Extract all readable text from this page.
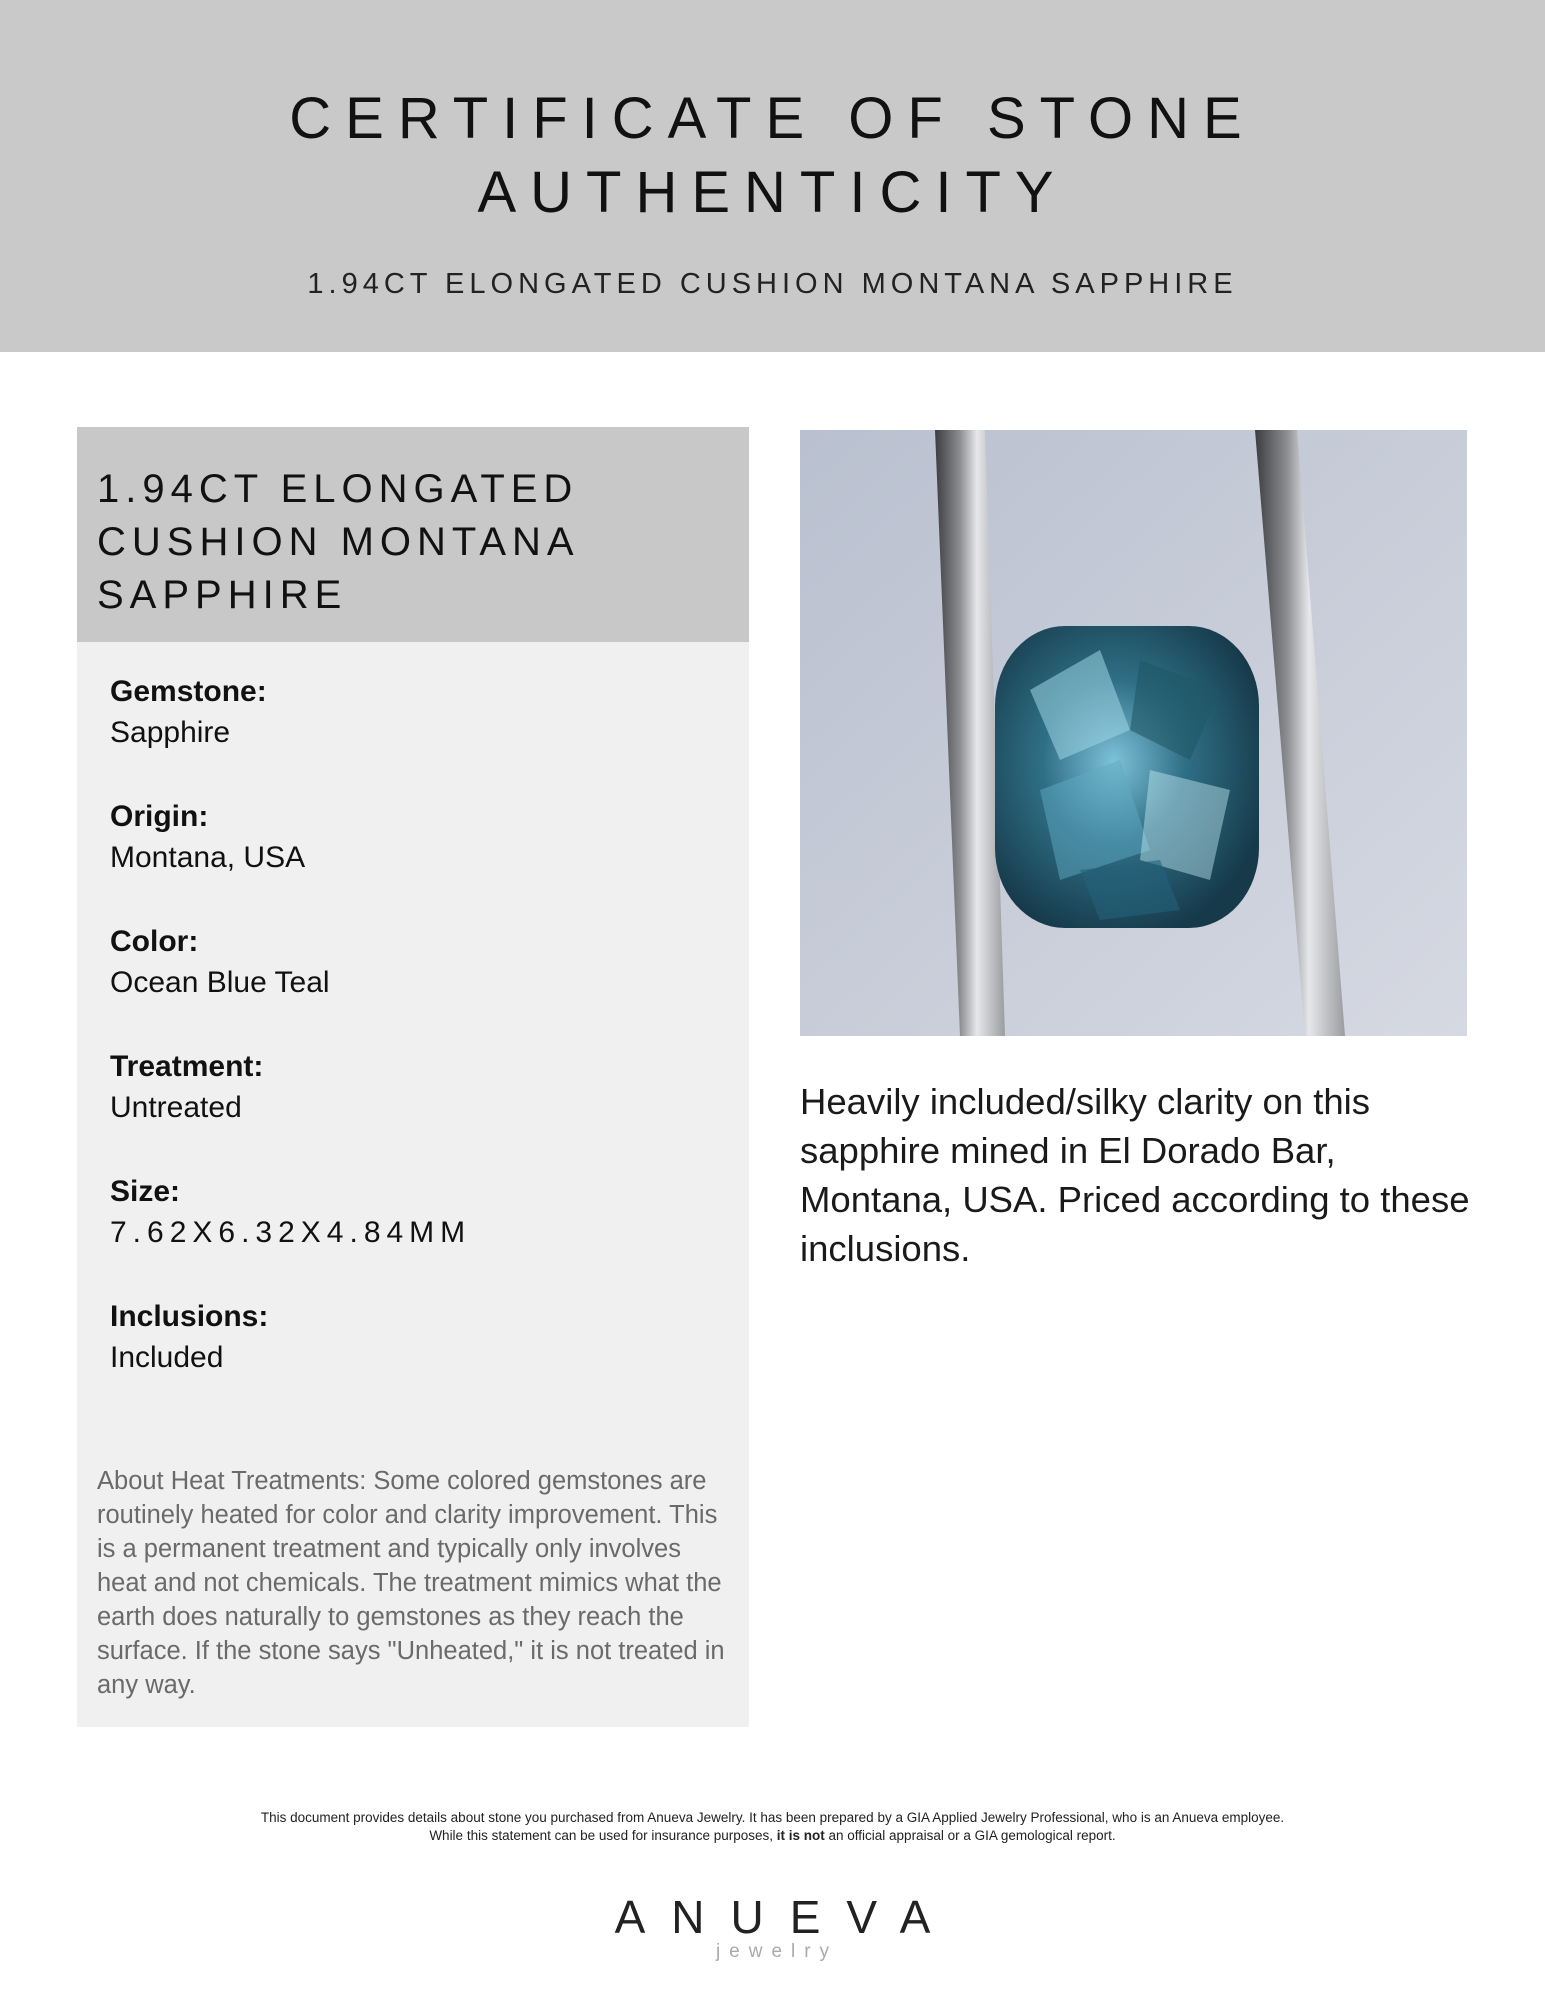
CERTIFICATE OF STONE
AUTHENTICITY
1.94CT ELONGATED CUSHION MONTANA SAPPHIRE
1.94CT ELONGATED
CUSHION MONTANA
SAPPHIRE
Gemstone:
Sapphire
Origin:
Montana, USA
Color:
Ocean Blue Teal
Treatment:
Untreated
Size:
7.62X6.32X4.84MM
Inclusions:
Included
About Heat Treatments: Some colored gemstones are routinely heated for color and clarity improvement. This is a permanent treatment and typically only involves heat and not chemicals. The treatment mimics what the earth does naturally to gemstones as they reach the surface. If the stone says "Unheated," it is not treated in any way.
Heavily included/silky clarity on this sapphire mined in El Dorado Bar, Montana, USA. Priced according to these inclusions.
This document provides details about stone you purchased from Anueva Jewelry. It has been prepared by a GIA Applied Jewelry Professional, who is an Anueva employee.
While this statement can be used for insurance purposes, it is not an official appraisal or a GIA gemological report.
ANUEVA
jewelry
